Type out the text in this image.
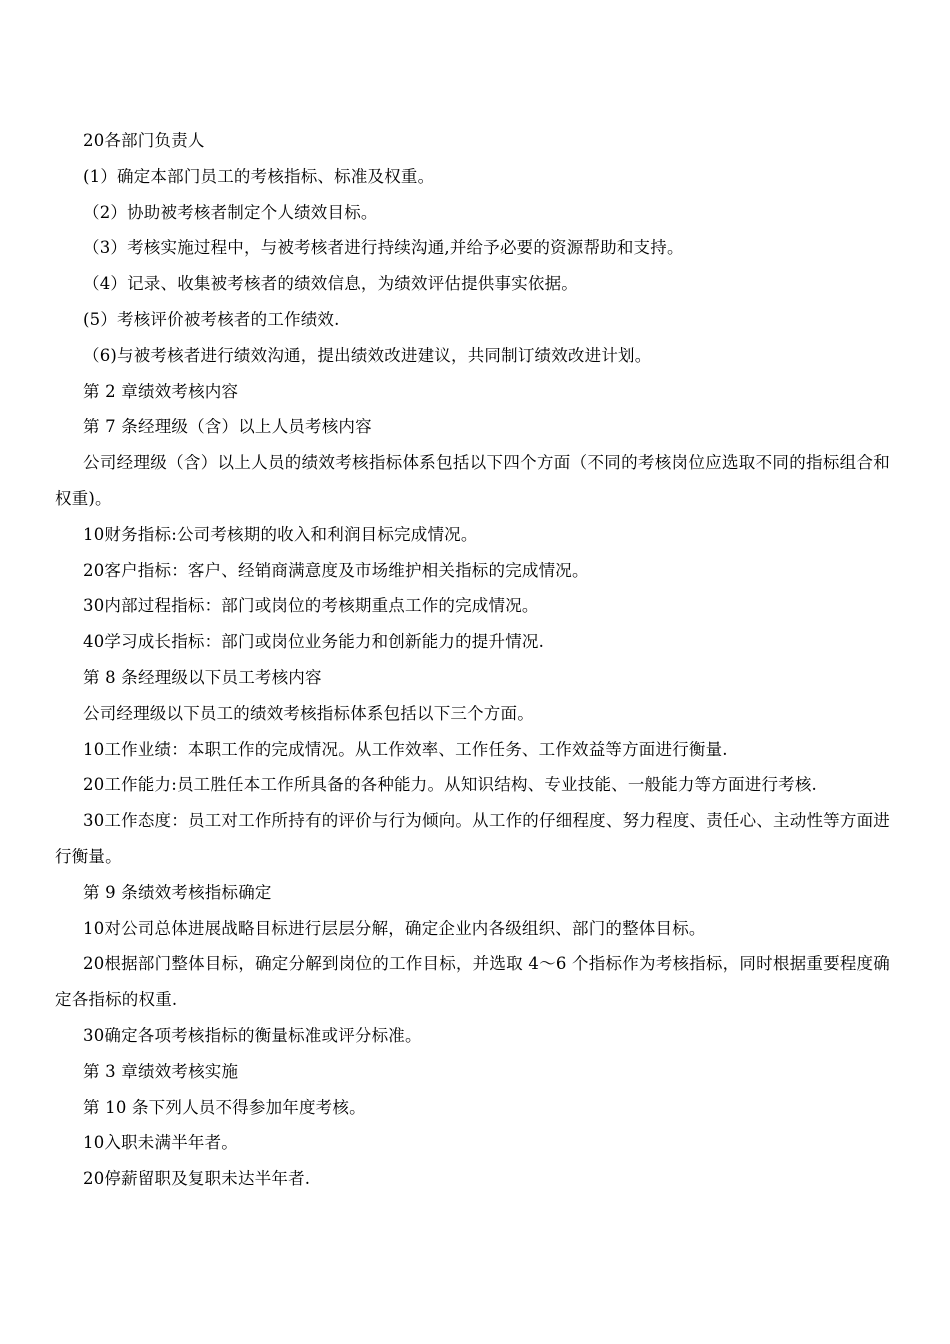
20各部门负责人

(1）确定本部门员工的考核指标、标准及权重。

（2）协助被考核者制定个人绩效目标。

（3）考核实施过程中，与被考核者进行持续沟通,并给予必要的资源帮助和支持。

（4）记录、收集被考核者的绩效信息，为绩效评估提供事实依据。

(5）考核评价被考核者的工作绩效.

（6)与被考核者进行绩效沟通，提出绩效改进建议，共同制订绩效改进计划。

第 2 章绩效考核内容

第 7 条经理级（含）以上人员考核内容

公司经理级（含）以上人员的绩效考核指标体系包括以下四个方面（不同的考核岗位应选取不同的指标组合和权重)。

10财务指标:公司考核期的收入和利润目标完成情况。

20客户指标：客户、经销商满意度及市场维护相关指标的完成情况。

30内部过程指标：部门或岗位的考核期重点工作的完成情况。

40学习成长指标：部门或岗位业务能力和创新能力的提升情况.

第 8 条经理级以下员工考核内容

公司经理级以下员工的绩效考核指标体系包括以下三个方面。

10工作业绩：本职工作的完成情况。从工作效率、工作任务、工作效益等方面进行衡量.

20工作能力:员工胜任本工作所具备的各种能力。从知识结构、专业技能、一般能力等方面进行考核.

30工作态度：员工对工作所持有的评价与行为倾向。从工作的仔细程度、努力程度、责任心、主动性等方面进行衡量。

第 9 条绩效考核指标确定

10对公司总体进展战略目标进行层层分解，确定企业内各级组织、部门的整体目标。

20根据部门整体目标，确定分解到岗位的工作目标，并选取 4～6 个指标作为考核指标，同时根据重要程度确定各指标的权重.

30确定各项考核指标的衡量标准或评分标准。

第 3 章绩效考核实施

第 10 条下列人员不得参加年度考核。

10入职未满半年者。

20停薪留职及复职未达半年者.
